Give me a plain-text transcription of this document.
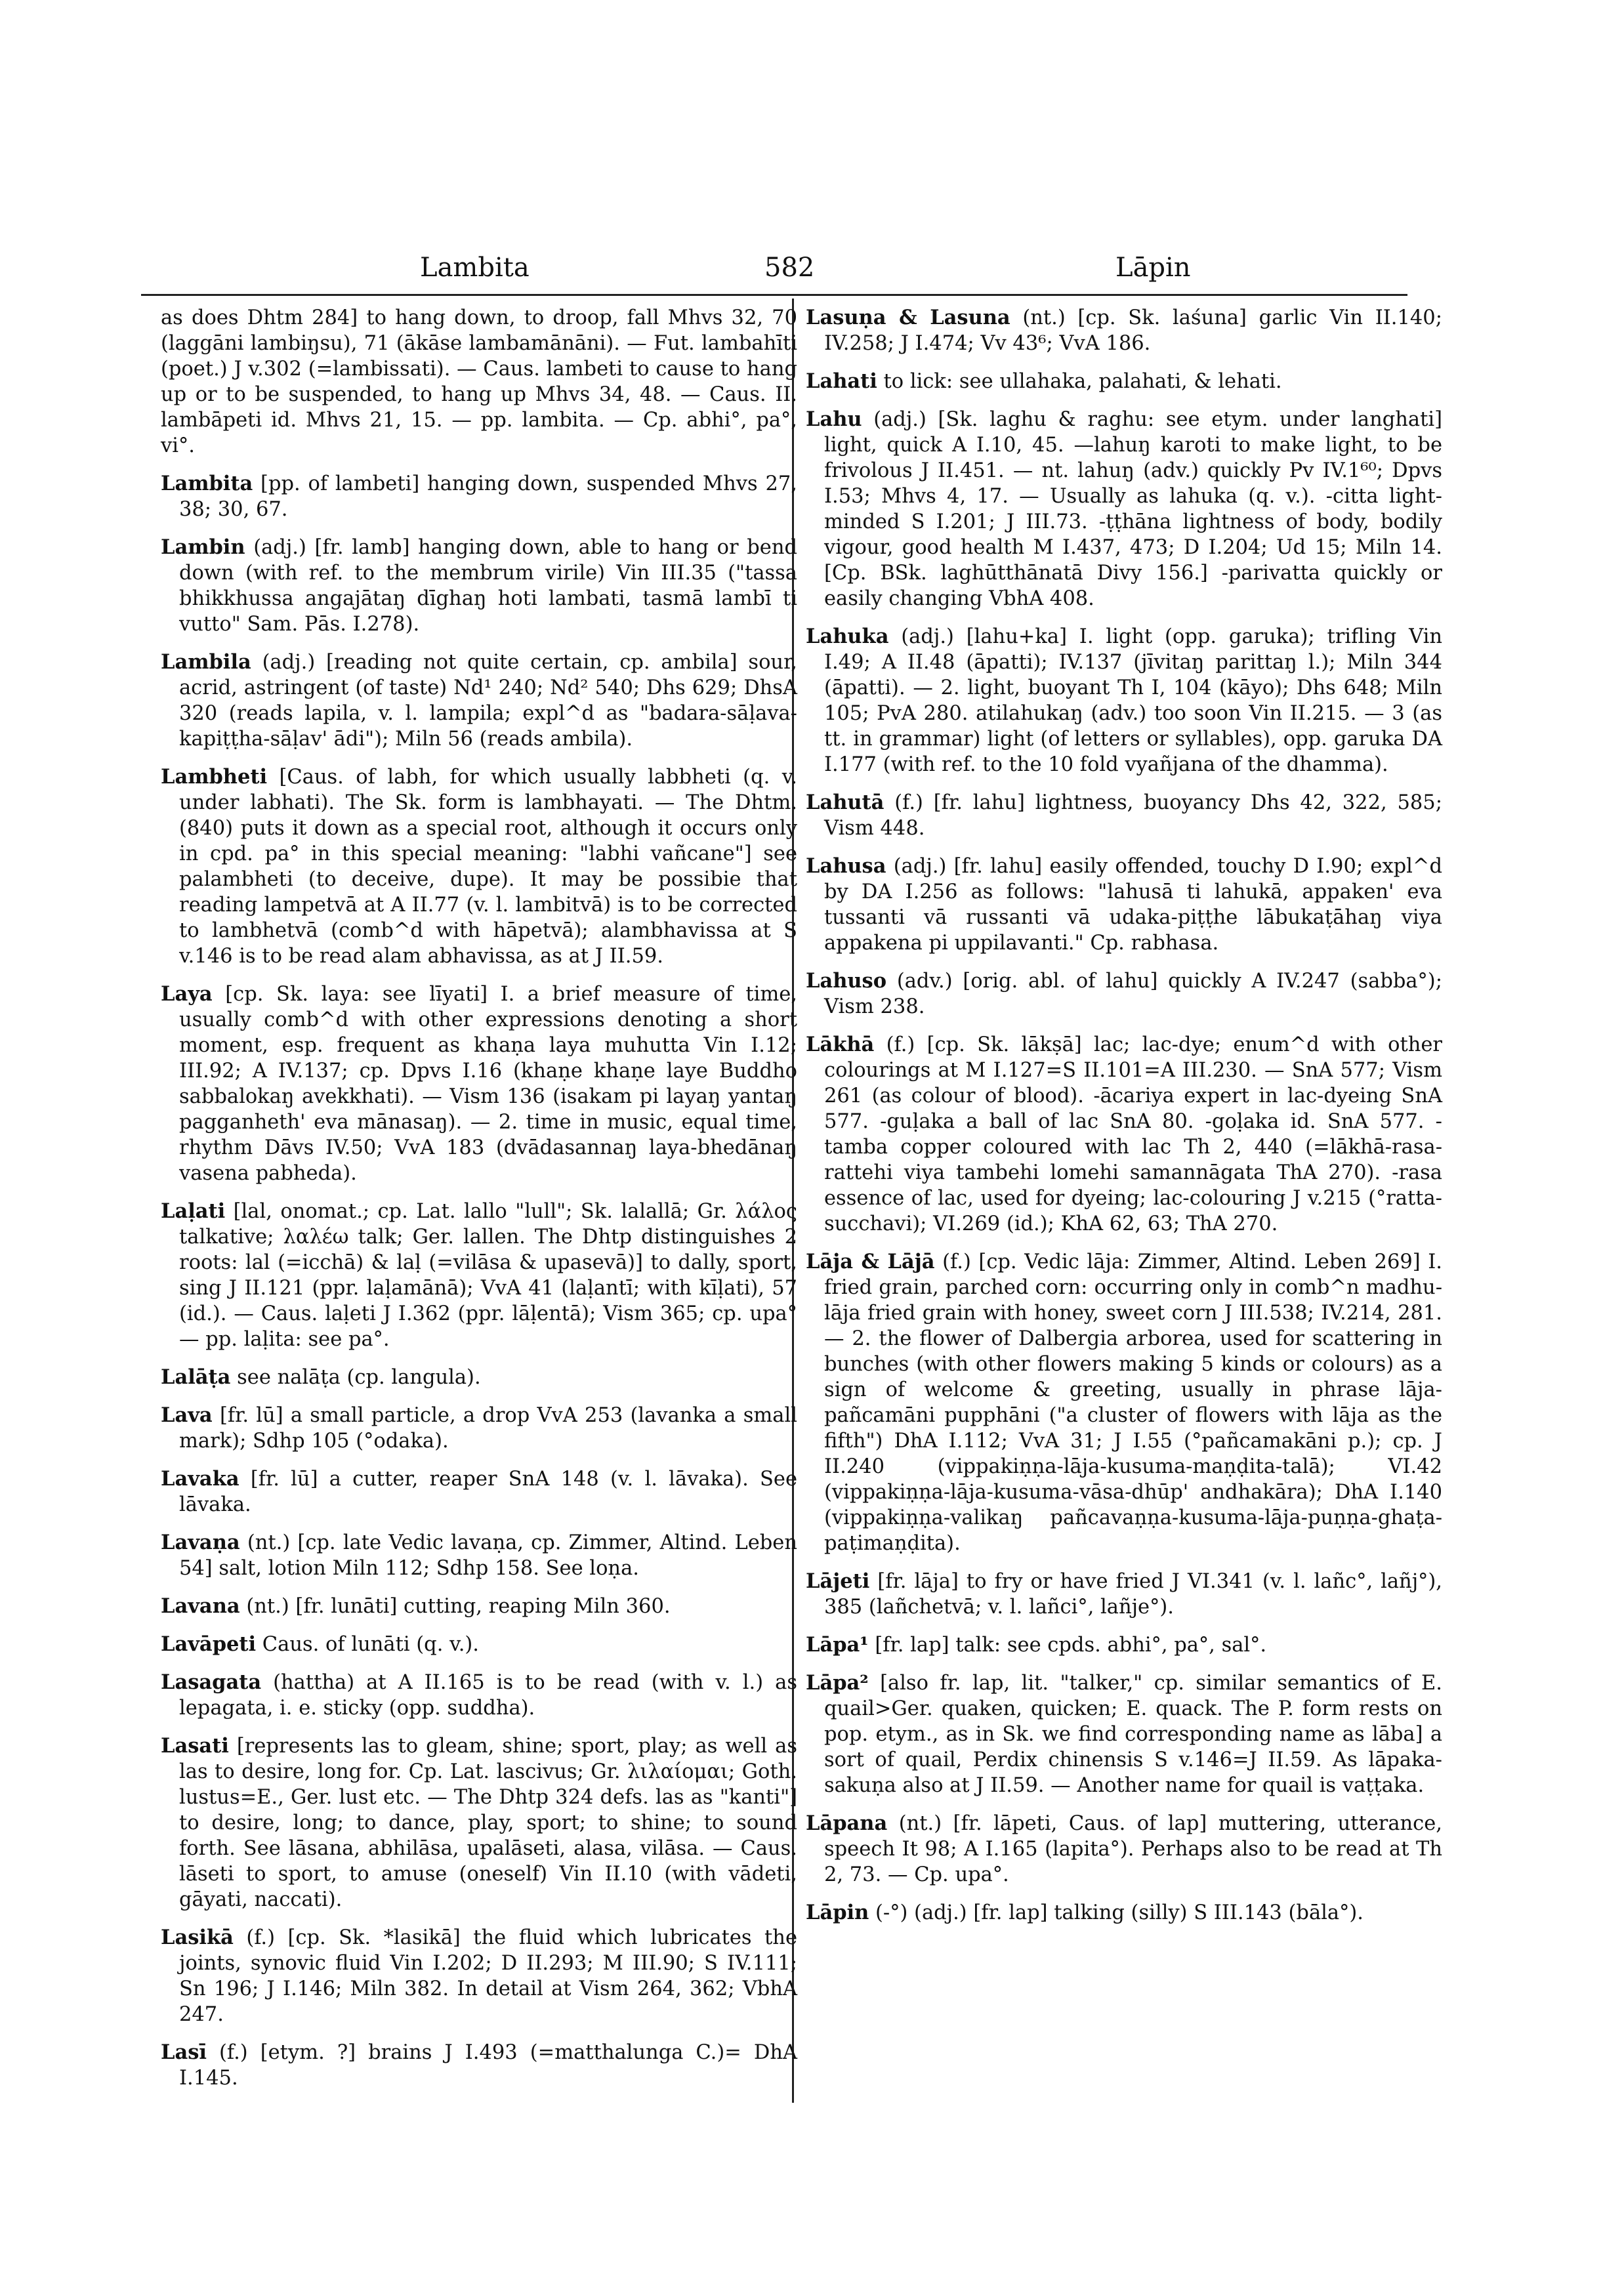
Lambita	582	Lāpin

as does Dhtm 284] to hang down, to droop, fall Mhvs 32, 70 (laggāni lambiŋsu), 71 (ākāse lambamānāni). — Fut. lambahīti (poet.) J v.302 (=lambissati). — Caus. lambeti to cause to hang up or to be suspended, to hang up Mhvs 34, 48. — Caus. II. lambāpeti id. Mhvs 21, 15. — pp. lambita. — Cp. abhi°, pa°, vi°.

Lambita [pp. of lambeti] hanging down, suspended Mhvs 27, 38; 30, 67.

Lambin (adj.) [fr. lamb] hanging down, able to hang or bend down (with ref. to the membrum virile) Vin III.35 ("tassa bhikkhussa angajātaŋ dīghaŋ hoti lambati, tasmā lambī ti vutto" Sam. Pās. I.278).

Lambila (adj.) [reading not quite certain, cp. ambila] sour, acrid, astringent (of taste) Nd¹ 240; Nd² 540; Dhs 629; DhsA 320 (reads lapila, v. l. lampila; expl^d as "badara-sāḷava-kapiṭṭha-sāḷav' ādi"); Miln 56 (reads ambila).

Lambheti [Caus. of labh, for which usually labbheti (q. v. under labhati). The Sk. form is lambhayati. — The Dhtm. (840) puts it down as a special root, although it occurs only in cpd. pa° in this special meaning: "labhi vañcane"] see palambheti (to deceive, dupe). It may be possibie that reading lampetvā at A II.77 (v. l. lambitvā) is to be corrected to lambhetvā (comb^d with hāpetvā); alambhavissa at S v.146 is to be read alam abhavissa, as at J II.59.

Laya [cp. Sk. laya: see līyati] I. a brief measure of time, usually comb^d with other expressions denoting a short moment, esp. frequent as khaṇa laya muhutta Vin I.12; III.92; A IV.137; cp. Dpvs I.16 (khaṇe khaṇe laye Buddho sabbalokaŋ avekkhati). — Vism 136 (isakam pi layaŋ yantaŋ pagganheth' eva mānasaŋ). — 2. time in music, equal time, rhythm Dāvs IV.50; VvA 183 (dvādasannaŋ laya-bhedānaŋ vasena pabheda).

Laḷati [lal, onomat.; cp. Lat. lallo "lull"; Sk. lalallā; Gr. λάλος talkative; λαλέω talk; Ger. lallen. The Dhtp distinguishes 2 roots: lal (=icchā) & laḷ (=vilāsa & upasevā)] to dally, sport, sing J II.121 (ppr. laḷamānā); VvA 41 (laḷantī; with kīḷati), 57 (id.). — Caus. laḷeti J I.362 (ppr. lāḷentā); Vism 365; cp. upa° — pp. laḷita: see pa°.

Lalāṭa see nalāṭa (cp. langula).

Lava [fr. lū] a small particle, a drop VvA 253 (lavanka a small mark); Sdhp 105 (°odaka).

Lavaka [fr. lū] a cutter, reaper SnA 148 (v. l. lāvaka). See lāvaka.

Lavaṇa (nt.) [cp. late Vedic lavaṇa, cp. Zimmer, Altind. Leben 54] salt, lotion Miln 112; Sdhp 158. See loṇa.

Lavana (nt.) [fr. lunāti] cutting, reaping Miln 360.

Lavāpeti Caus. of lunāti (q. v.).

Lasagata (hattha) at A II.165 is to be read (with v. l.) as lepagata, i. e. sticky (opp. suddha).

Lasati [represents las to gleam, shine; sport, play; as well as las to desire, long for. Cp. Lat. lascivus; Gr. λιλαίομαι; Goth. lustus=E., Ger. lust etc. — The Dhtp 324 defs. las as "kanti"] to desire, long; to dance, play, sport; to shine; to sound forth. See lāsana, abhilāsa, upalāseti, alasa, vilāsa. — Caus. lāseti to sport, to amuse (oneself) Vin II.10 (with vādeti, gāyati, naccati).

Lasikā (f.) [cp. Sk. *lasikā] the fluid which lubricates the joints, synovic fluid Vin I.202; D II.293; M III.90; S IV.111; Sn 196; J I.146; Miln 382. In detail at Vism 264, 362; VbhA 247.

Lasī (f.) [etym. ?] brains J I.493 (=matthalunga C.)= DhA I.145.

Lasuṇa & Lasuna (nt.) [cp. Sk. laśuna] garlic Vin II.140; IV.258; J I.474; Vv 43⁶; VvA 186.

Lahati to lick: see ullahaka, palahati, & lehati.

Lahu (adj.) [Sk. laghu & raghu: see etym. under langhati] light, quick A I.10, 45. —lahuŋ karoti to make light, to be frivolous J II.451. — nt. lahuŋ (adv.) quickly Pv IV.1⁶⁰; Dpvs I.53; Mhvs 4, 17. — Usually as lahuka (q. v.). -citta light-minded S I.201; J III.73. -ṭṭhāna lightness of body, bodily vigour, good health M I.437, 473; D I.204; Ud 15; Miln 14. [Cp. BSk. laghūtthānatā Divy 156.] -parivatta quickly or easily changing VbhA 408.

Lahuka (adj.) [lahu+ka] I. light (opp. garuka); trifling Vin I.49; A II.48 (āpatti); IV.137 (jīvitaŋ parittaŋ l.); Miln 344 (āpatti). — 2. light, buoyant Th I, 104 (kāyo); Dhs 648; Miln 105; PvA 280. atilahukaŋ (adv.) too soon Vin II.215. — 3 (as tt. in grammar) light (of letters or syllables), opp. garuka DA I.177 (with ref. to the 10 fold vyañjana of the dhamma).

Lahutā (f.) [fr. lahu] lightness, buoyancy Dhs 42, 322, 585; Vism 448.

Lahusa (adj.) [fr. lahu] easily offended, touchy D I.90; expl^d by DA I.256 as follows: "lahusā ti lahukā, appaken' eva tussanti vā russanti vā udaka-piṭṭhe lābukaṭāhaŋ viya appakena pi uppilavanti." Cp. rabhasa.

Lahuso (adv.) [orig. abl. of lahu] quickly A IV.247 (sabba°); Vism 238.

Lākhā (f.) [cp. Sk. lākṣā] lac; lac-dye; enum^d with other colourings at M I.127=S II.101=A III.230. — SnA 577; Vism 261 (as colour of blood). -ācariya expert in lac-dyeing SnA 577. -guḷaka a ball of lac SnA 80. -goḷaka id. SnA 577. -tamba copper coloured with lac Th 2, 440 (=lākhā-rasa-rattehi viya tambehi lomehi samannāgata ThA 270). -rasa essence of lac, used for dyeing; lac-colouring J v.215 (°ratta-succhavi); VI.269 (id.); KhA 62, 63; ThA 270.

Lāja & Lājā (f.) [cp. Vedic lāja: Zimmer, Altind. Leben 269] I. fried grain, parched corn: occurring only in comb^n madhu-lāja fried grain with honey, sweet corn J III.538; IV.214, 281. — 2. the flower of Dalbergia arborea, used for scattering in bunches (with other flowers making 5 kinds or colours) as a sign of welcome & greeting, usually in phrase lāja-pañcamāni pupphāni ("a cluster of flowers with lāja as the fifth") DhA I.112; VvA 31; J I.55 (°pañcamakāni p.); cp. J II.240 (vippakiṇṇa-lāja-kusuma-maṇḍita-talā); VI.42 (vippakiṇṇa-lāja-kusuma-vāsa-dhūp' andhakāra); DhA I.140 (vippakiṇṇa-valikaŋ pañcavaṇṇa-kusuma-lāja-puṇṇa-ghaṭa-paṭimaṇḍita).

Lājeti [fr. lāja] to fry or have fried J VI.341 (v. l. lañc°, lañj°), 385 (lañchetvā; v. l. lañci°, lañje°).

Lāpa¹ [fr. lap] talk: see cpds. abhi°, pa°, sal°.

Lāpa² [also fr. lap, lit. "talker," cp. similar semantics of E. quail>Ger. quaken, quicken; E. quack. The P. form rests on pop. etym., as in Sk. we find corresponding name as lāba] a sort of quail, Perdix chinensis S v.146=J II.59. As lāpaka-sakuṇa also at J II.59. — Another name for quail is vaṭṭaka.

Lāpana (nt.) [fr. lāpeti, Caus. of lap] muttering, utterance, speech It 98; A I.165 (lapita°). Perhaps also to be read at Th 2, 73. — Cp. upa°.

Lāpin (-°) (adj.) [fr. lap] talking (silly) S III.143 (bāla°).
